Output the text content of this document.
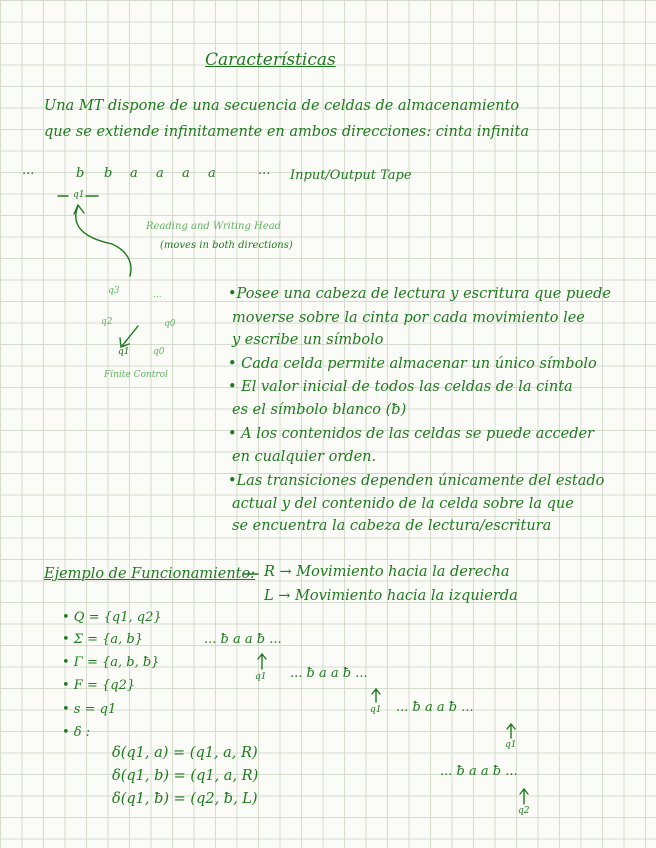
Características
Una MT dispone de una secuencia de celdas de almacenamiento
que se extiende infinitamente en ambos direcciones: cinta infinita
...	b b a a a a	... Input/Output Tape
q1
Reading and Writing Head
(moves in both directions)
q3
q2
q1	q0
...
q0
Finite Control
•Posee una cabeza de lectura y escritura que puede
moverse sobre la cinta por cada movimiento lee
y escribe un símbolo
• Cada celda permite almacenar un único símbolo
• El valor inicial de todos las celdas de la cinta
es el símbolo blanco (ƀ)
• A los contenidos de las celdas se puede acceder
en cualquier orden.
•Las transiciones dependen únicamente del estado
actual y del contenido de la celda sobre la que
se encuentra la cabeza de lectura/escritura
Ejemplo de Funcionamiento: R → Movimiento hacia la derecha
L → Movimiento hacia la izquierda
• Q = {q1, q2}
• Σ = {a, b}
• Γ = {a, b, ƀ}
• F = {q2}
• s = q1
• δ :
δ(q1, a) = (q1, a, R)
δ(q1, b) = (q1, a, R)
δ(q1, ƀ) = (q2, ƀ, L)
... ƀ a a ƀ ...
q1 ... ƀ a a ƀ ...
q1 ... ƀ a a ƀ ...
q1
... ƀ a a ƀ ...
q2
